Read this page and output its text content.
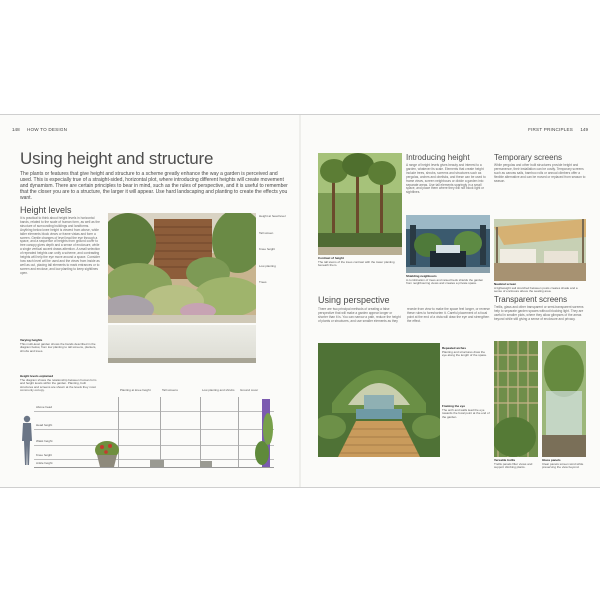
148 HOW TO DESIGN
Using height and structure
The plants or features that give height and structure to a scheme greatly enhance the way a garden is perceived and used. This is especially true of a straight-sided, horizontal plot, where introducing different heights will create movement and dynamism. There are certain principles to bear in mind, such as the rules of perspective, and it is useful to remember that the closer you are to a structure, the larger it will appear. Use hard landscaping and planting to create the effects you want.
Height levels
It is practical to think about height levels in horizontal bands, related to the scale of human form, as well as the structure of surrounding buildings and landforms. Anything below knee height is viewed from above, while taller elements block views or frame vistas and form a screen. Gentle changes of level lead the eye through a space, and a sequence of heights from ground cover to tree canopy gives depth and a sense of enclosure, while a single vertical accent draws attention. A small selection of repeated heights can unify a scheme, and contrasting heights will help the eye move around a space. Consider how each level will be used and the views from inside as well as out, placing tall elements to mark entrances or to screen and enclose, and low planting to keep sightlines open.
Height at head level
Tall screen
Knee height
Low planting
Trees
Varying heights
This multi-level garden shows the bands described in the diagram below, from low planting to tall screens, planters, shrubs and trees.
Height levels explained
The diagram shows the relationship between human form and height levels within the garden. Planting, built structures and screens are shown at the levels they most commonly occupy.
Above head
Head height
Waist height
Knee height
Ankle height
Planting at knee height	Tall screens	Low planting and shrubs	Ground cover
FIRST PRINCIPLES 149
Contrast of height
The tall stems of the trees contrast with the lower planting beneath them.
Introducing height
A range of height levels gives beauty and interest to a garden, whatever its scale. Elements that create height include trees, shrubs, screens and structures such as pergolas, arches and obelisks, and these can be used to frame views, screen neighbours or divide a garden into separate areas. Use tall elements sparingly in a small space, and place them where they will not block light or sightlines.
Shielding neighbours
A combination of trees and raised beds shields the garden from neighbouring views and creates a private space.
Temporary screens
While pergolas and other built structures provide height and permanence, their installation can be costly. Temporary screens such as canvas sails, bamboo rolls or annual climbers offer a flexible alternative and can be moved or replaced from season to season.
Nautical screen
A lightweight sail stretched between posts creates shade and a sense of enclosure above the seating area.
Transparent screens
Trellis, glass and other transparent or semi-transparent screens help to separate garden spaces without blocking light. They are useful in smaller plots, where they allow glimpses of the areas beyond while still giving a sense of enclosure and privacy.
Versatile trellis
Trellis panels filter views and support climbing plants.
Glass panels
Clear panels screen wind while preserving the view beyond.
Using perspective
There are two principal methods of creating a false perspective that will make a garden appear longer or shorter than it is. You can narrow a path, reduce the height of plants or structures, and use smaller elements as they recede from view to make the space feel longer, or reverse these rules to foreshorten it. Careful placement of a focal point at the end of a vista will draw the eye and strengthen the effect.
Framing the eye
The arch and walls lead the eye towards the focal point at the end of the garden.
Repeated arches
Planting and structures draw the eye along the length of the space.
